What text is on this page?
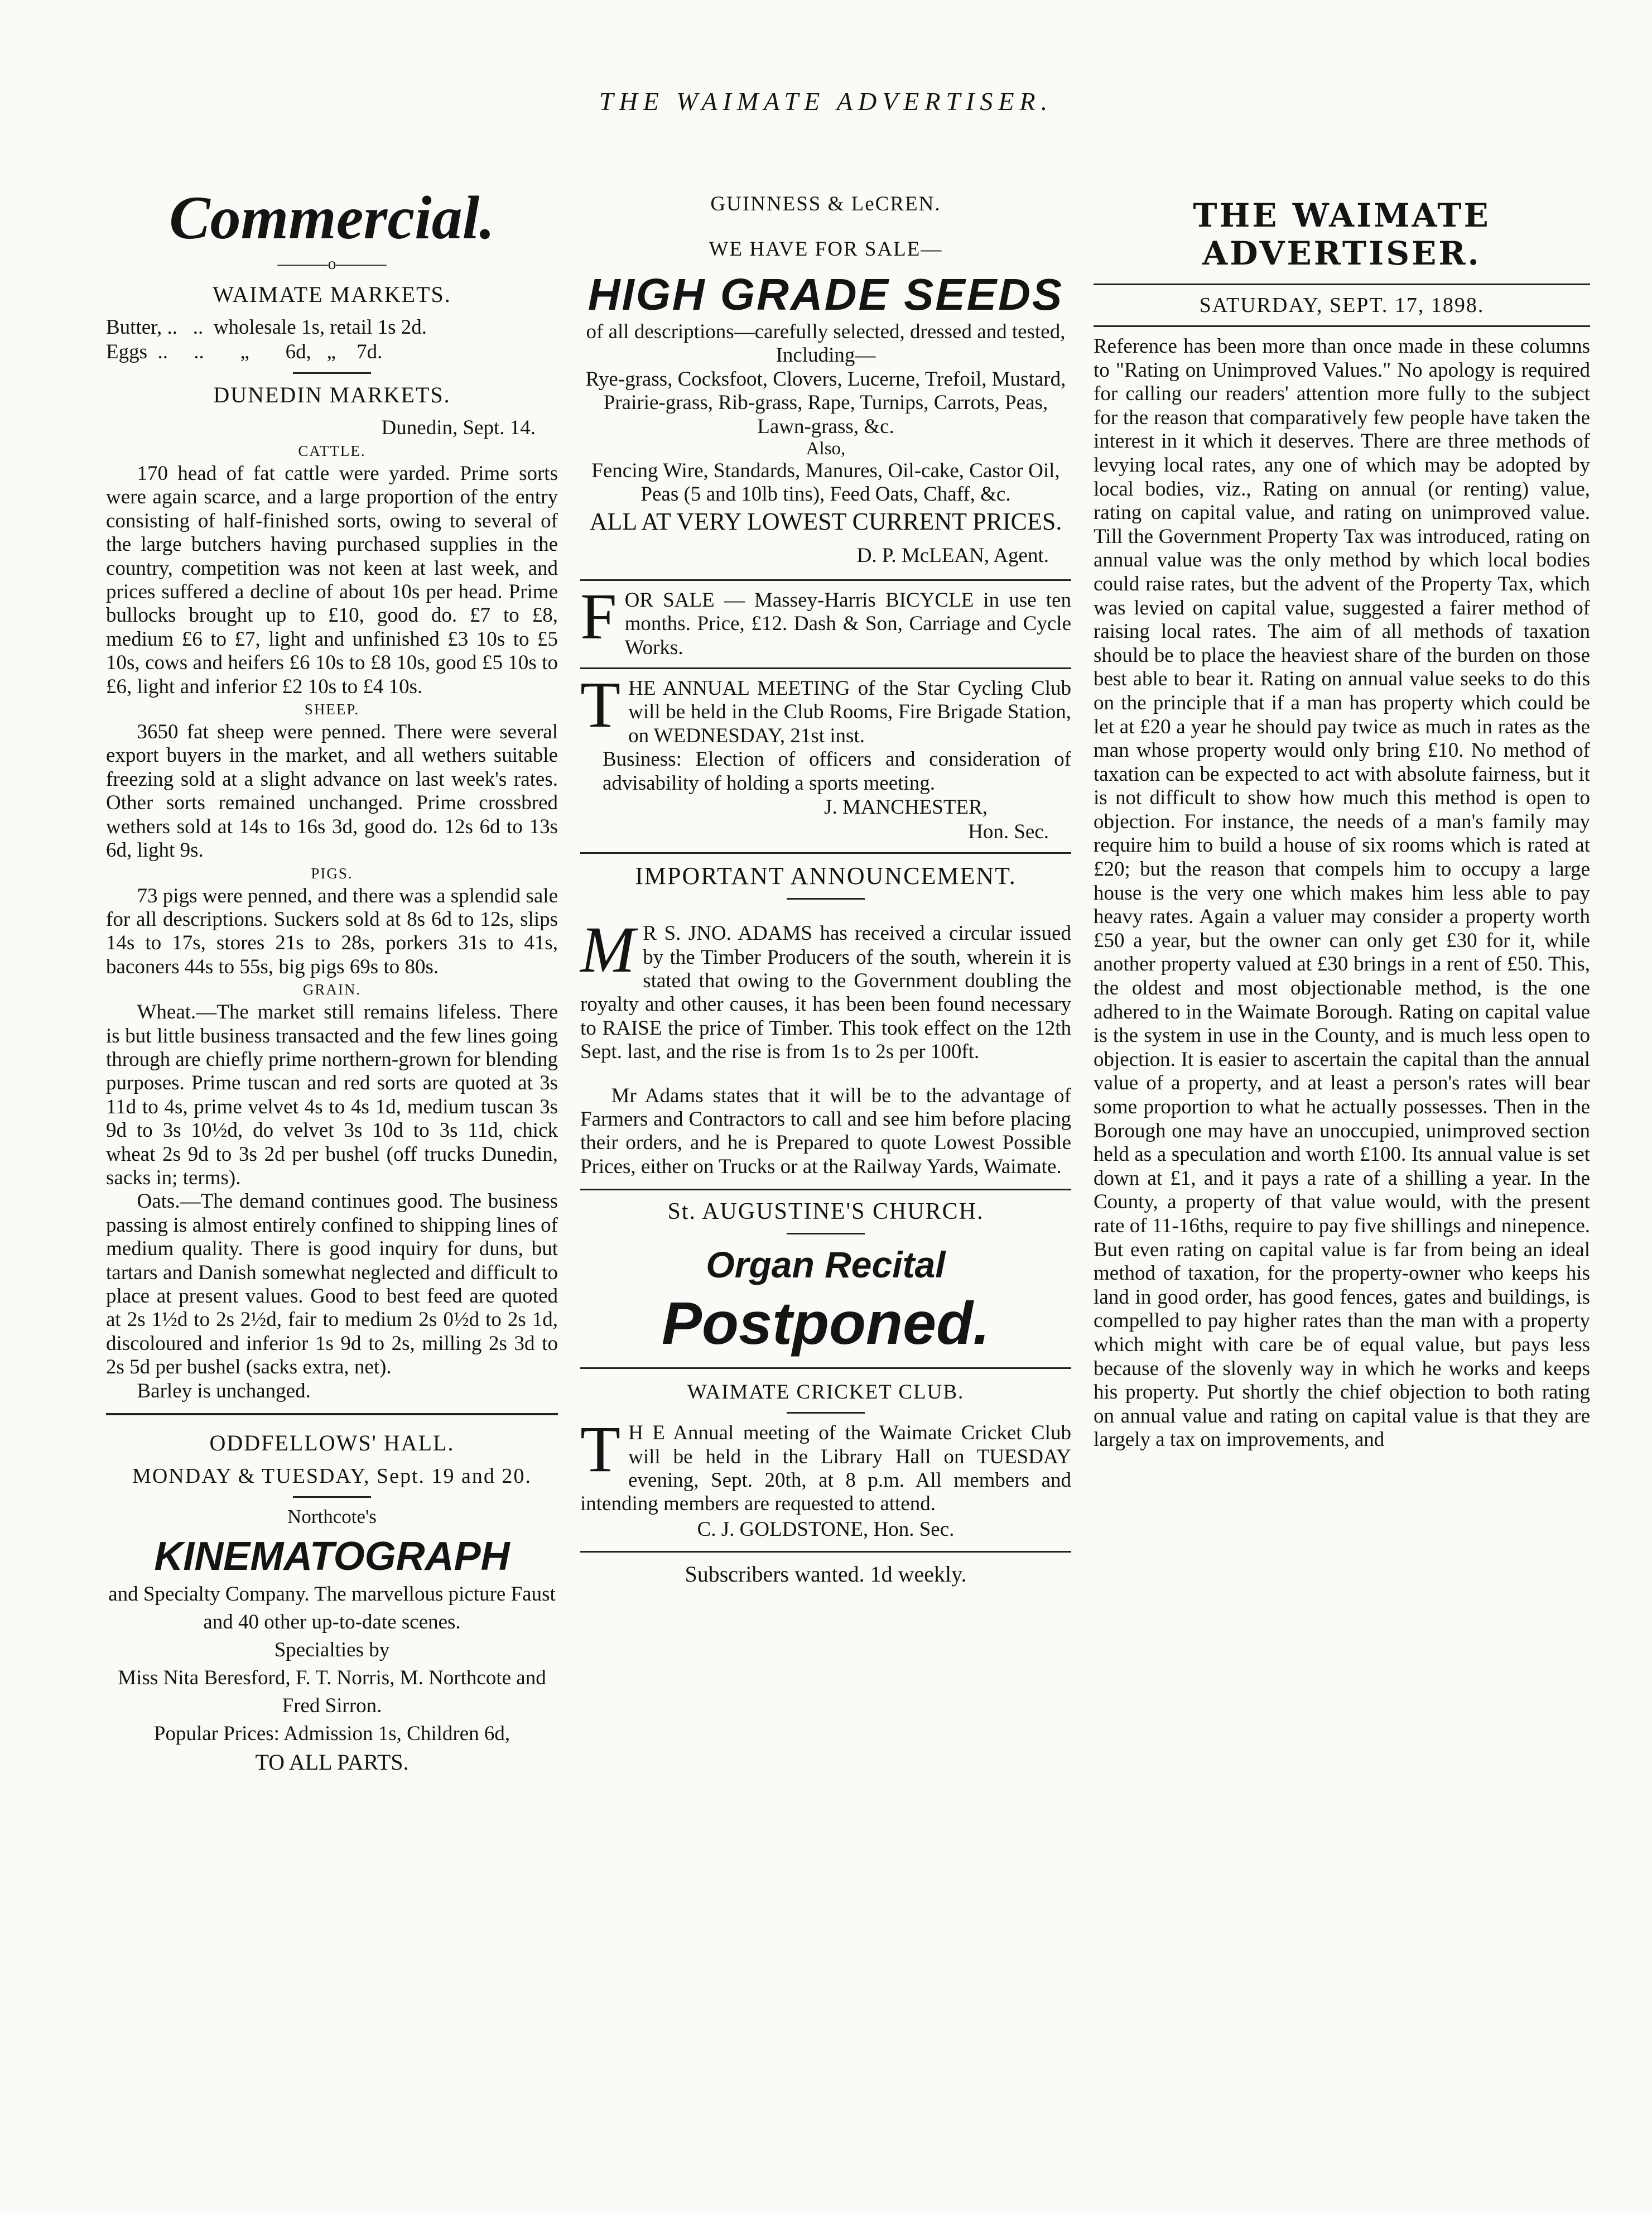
THE WAIMATE ADVERTISER.
Commercial.
———o———
WAIMATE MARKETS.
Butter, ..   ..  wholesale 1s, retail 1s 2d.
Eggs  ..     ..       „       6d,   „    7d.
DUNEDIN MARKETS.

Dunedin, Sept. 14.

CATTLE.

170 head of fat cattle were yarded. Prime sorts were again scarce, and a large proportion of the entry consisting of half-finished sorts, owing to several of the large butchers having purchased supplies in the country, competition was not keen at last week, and prices suffered a decline of about 10s per head. Prime bullocks brought up to £10, good do. £7 to £8, medium £6 to £7, light and unfinished £3 10s to £5 10s, cows and heifers £6 10s to £8 10s, good £5 10s to £6, light and inferior £2 10s to £4 10s.

SHEEP.

3650 fat sheep were penned. There were several export buyers in the market, and all wethers suitable freezing sold at a slight advance on last week's rates. Other sorts remained unchanged. Prime crossbred wethers sold at 14s to 16s 3d, good do. 12s 6d to 13s 6d, light 9s.

PIGS.

73 pigs were penned, and there was a splendid sale for all descriptions. Suckers sold at 8s 6d to 12s, slips 14s to 17s, stores 21s to 28s, porkers 31s to 41s, baconers 44s to 55s, big pigs 69s to 80s.

GRAIN.

Wheat.—The market still remains lifeless. There is but little business transacted and the few lines going through are chiefly prime northern-grown for blending purposes. Prime tuscan and red sorts are quoted at 3s 11d to 4s, prime velvet 4s to 4s 1d, medium tuscan 3s 9d to 3s 10½d, do velvet 3s 10d to 3s 11d, chick wheat 2s 9d to 3s 2d per bushel (off trucks Dunedin, sacks in; terms).

Oats.—The demand continues good. The business passing is almost entirely confined to shipping lines of medium quality. There is good inquiry for duns, but tartars and Danish somewhat neglected and difficult to place at present values. Good to best feed are quoted at 2s 1½d to 2s 2½d, fair to medium 2s 0½d to 2s 1d, discoloured and inferior 1s 9d to 2s, milling 2s 3d to 2s 5d per bushel (sacks extra, net).

Barley is unchanged.

ODDFELLOWS' HALL.
MONDAY & TUESDAY, Sept. 19 and 20.
Northcote's
KINEMATOGRAPH

and Specialty Company. The marvellous picture Faust and 40 other up-to-date scenes.

Specialties by

Miss Nita Beresford, F. T. Norris, M. Northcote and Fred Sirron.

Popular Prices: Admission 1s, Children 6d,
TO ALL PARTS.
GUINNESS & LeCREN.
WE HAVE FOR SALE—
HIGH GRADE SEEDS

of all descriptions—carefully selected, dressed and tested, Including—

Rye-grass, Cocksfoot, Clovers, Lucerne, Trefoil, Mustard, Prairie-grass, Rib-grass, Rape, Turnips, Carrots, Peas, Lawn-grass, &c.

Also,

Fencing Wire, Standards, Manures, Oil-cake, Castor Oil, Peas (5 and 10lb tins), Feed Oats, Chaff, &c.

ALL AT VERY LOWEST CURRENT PRICES.

D. P. McLEAN, Agent.

F OR SALE — Massey-Harris BICYCLE in use ten months. Price, £12. Dash & Son, Carriage and Cycle Works.

T HE ANNUAL MEETING of the Star Cycling Club will be held in the Club Rooms, Fire Brigade Station, on WEDNESDAY, 21st inst.

Business: Election of officers and consideration of advisability of holding a sports meeting.

J. MANCHESTER,

Hon. Sec.

IMPORTANT ANNOUNCEMENT.
M R S. JNO. ADAMS has received a circular issued by the Timber Producers of the south, wherein it is stated that owing to the Government doubling the royalty and other causes, it has been been found necessary to RAISE the price of Timber. This took effect on the 12th Sept. last, and the rise is from 1s to 2s per 100ft.

Mr Adams states that it will be to the advantage of Farmers and Contractors to call and see him before placing their orders, and he is Prepared to quote Lowest Possible Prices, either on Trucks or at the Railway Yards, Waimate.

St. AUGUSTINE'S CHURCH.
Organ Recital
Postponed.
WAIMATE CRICKET CLUB.
T H E Annual meeting of the Waimate Cricket Club will be held in the Library Hall on TUESDAY evening, Sept. 20th, at 8 p.m. All members and intending members are requested to attend.

C. J. GOLDSTONE, Hon. Sec.
Subscribers wanted. 1d weekly.
THE WAIMATE ADVERTISER.
SATURDAY, SEPT. 17, 1898.

Reference has been more than once made in these columns to "Rating on Unimproved Values." No apology is required for calling our readers' attention more fully to the subject for the reason that comparatively few people have taken the interest in it which it deserves. There are three methods of levying local rates, any one of which may be adopted by local bodies, viz., Rating on annual (or renting) value, rating on capital value, and rating on unimproved value. Till the Government Property Tax was introduced, rating on annual value was the only method by which local bodies could raise rates, but the advent of the Property Tax, which was levied on capital value, suggested a fairer method of raising local rates. The aim of all methods of taxation should be to place the heaviest share of the burden on those best able to bear it. Rating on annual value seeks to do this on the principle that if a man has property which could be let at £20 a year he should pay twice as much in rates as the man whose property would only bring £10. No method of taxation can be expected to act with absolute fairness, but it is not difficult to show how much this method is open to objection. For instance, the needs of a man's family may require him to build a house of six rooms which is rated at £20; but the reason that compels him to occupy a large house is the very one which makes him less able to pay heavy rates. Again a valuer may consider a property worth £50 a year, but the owner can only get £30 for it, while another property valued at £30 brings in a rent of £50. This, the oldest and most objectionable method, is the one adhered to in the Waimate Borough. Rating on capital value is the system in use in the County, and is much less open to objection. It is easier to ascertain the capital than the annual value of a property, and at least a person's rates will bear some proportion to what he actually possesses. Then in the Borough one may have an unoccupied, unimproved section held as a speculation and worth £100. Its annual value is set down at £1, and it pays a rate of a shilling a year. In the County, a property of that value would, with the present rate of 11-16ths, require to pay five shillings and ninepence. But even rating on capital value is far from being an ideal method of taxation, for the property-owner who keeps his land in good order, has good fences, gates and buildings, is compelled to pay higher rates than the man with a property which might with care be of equal value, but pays less because of the slovenly way in which he works and keeps his property. Put shortly the chief objection to both rating on annual value and rating on capital value is that they are largely a tax on improvements, and
